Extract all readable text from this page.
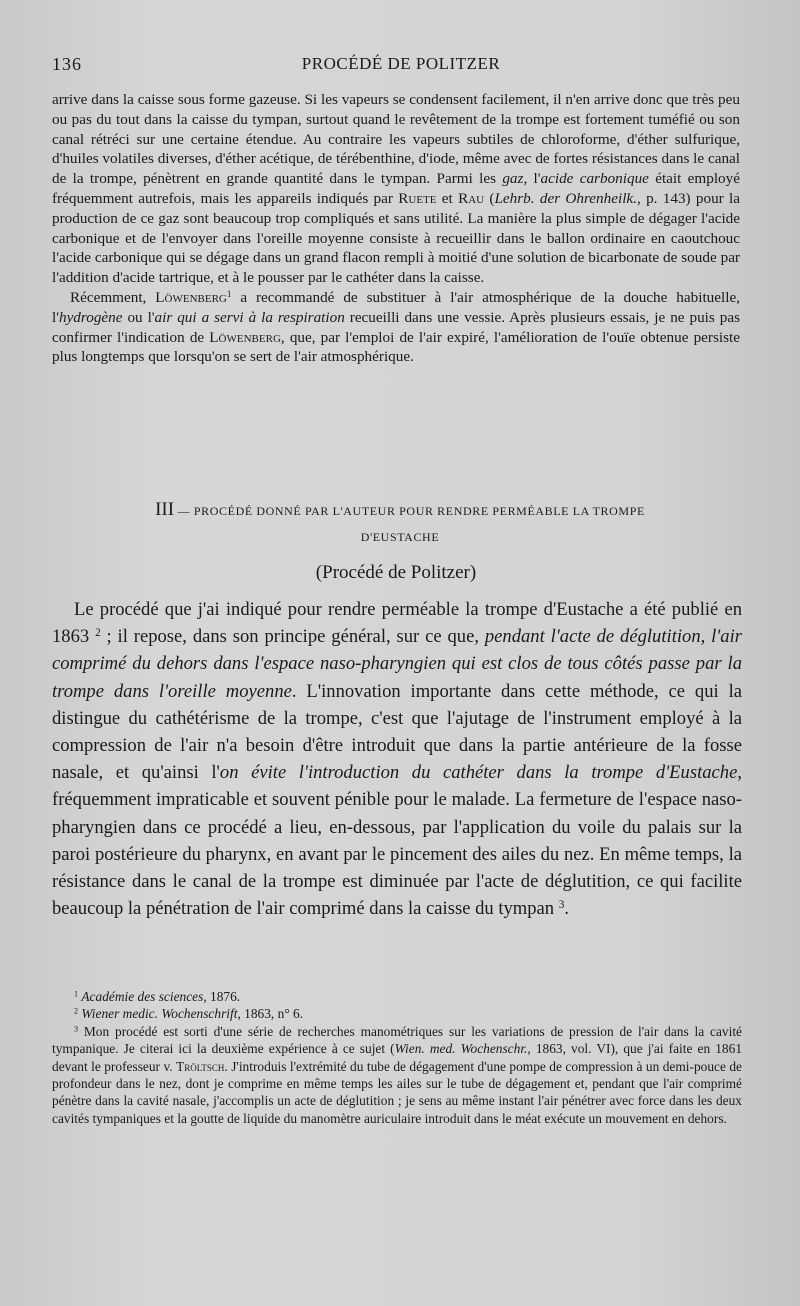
136	PROCÉDÉ DE POLITZER

arrive dans la caisse sous forme gazeuse. Si les vapeurs se condensent facilement, il n'en arrive donc que très peu ou pas du tout dans la caisse du tympan, surtout quand le revêtement de la trompe est fortement tuméfié ou son canal rétréci sur une certaine étendue. Au contraire les vapeurs subtiles de chloroforme, d'éther sulfurique, d'huiles volatiles diverses, d'éther acétique, de térébenthine, d'iode, même avec de fortes résistances dans le canal de la trompe, pénètrent en grande quantité dans le tympan. Parmi les gaz, l'acide carbonique était employé fréquemment autrefois, mais les appareils indiqués par Ruete et Rau (Lehrb. der Ohrenheilk., p. 143) pour la production de ce gaz sont beaucoup trop compliqués et sans utilité. La manière la plus simple de dégager l'acide carbonique et de l'envoyer dans l'oreille moyenne consiste à recueillir dans le ballon ordinaire en caoutchouc l'acide carbonique qui se dégage dans un grand flacon rempli à moitié d'une solution de bicarbonate de soude par l'addition d'acide tartrique, et à le pousser par le cathéter dans la caisse.

Récemment, Löwenberg$^1$ a recommandé de substituer à l'air atmosphérique de la douche habituelle, l'hydrogène ou l'air qui a servi à la respiration recueilli dans une vessie. Après plusieurs essais, je ne puis pas confirmer l'indication de Löwenberg, que, par l'emploi de l'air expiré, l'amélioration de l'ouïe obtenue persiste plus longtemps que lorsqu'on se sert de l'air atmosphérique.

III — PROCÉDÉ DONNÉ PAR L'AUTEUR POUR RENDRE PERMÉABLE LA TROMPE
D'EUSTACHE
(Procédé de Politzer)
Le procédé que j'ai indiqué pour rendre perméable la trompe d'Eustache a été publié en 1863 $^2$ ; il repose, dans son principe général, sur ce que, pendant l'acte de déglutition, l'air comprimé du dehors dans l'espace naso-pharyngien qui est clos de tous côtés passe par la trompe dans l'oreille moyenne. L'innovation importante dans cette méthode, ce qui la distingue du cathétérisme de la trompe, c'est que l'ajutage de l'instrument employé à la compression de l'air n'a besoin d'être introduit que dans la partie antérieure de la fosse nasale, et qu'ainsi l'on évite l'introduction du cathéter dans la trompe d'Eustache, fréquemment impraticable et souvent pénible pour le malade. La fermeture de l'espace naso-pharyngien dans ce procédé a lieu, en-dessous, par l'application du voile du palais sur la paroi postérieure du pharynx, en avant par le pincement des ailes du nez. En même temps, la résistance dans le canal de la trompe est diminuée par l'acte de déglutition, ce qui facilite beaucoup la pénétration de l'air comprimé dans la caisse du tympan $^3$.

$^1$ Académie des sciences, 1876.

$^2$ Wiener medic. Wochenschrift, 1863, n° 6.

$^3$ Mon procédé est sorti d'une série de recherches manométriques sur les variations de pression de l'air dans la cavité tympanique. Je citerai ici la deuxième expérience à ce sujet (Wien. med. Wochenschr., 1863, vol. VI), que j'ai faite en 1861 devant le professeur v. Tröltsch. J'introduis l'extrémité du tube de dégagement d'une pompe de compression à un demi-pouce de profondeur dans le nez, dont je comprime en même temps les ailes sur le tube de dégagement et, pendant que l'air comprimé pénètre dans la cavité nasale, j'accomplis un acte de déglutition ; je sens au même instant l'air pénétrer avec force dans les deux cavités tympaniques et la goutte de liquide du manomètre auriculaire introduit dans le méat exécute un mouvement en dehors.
